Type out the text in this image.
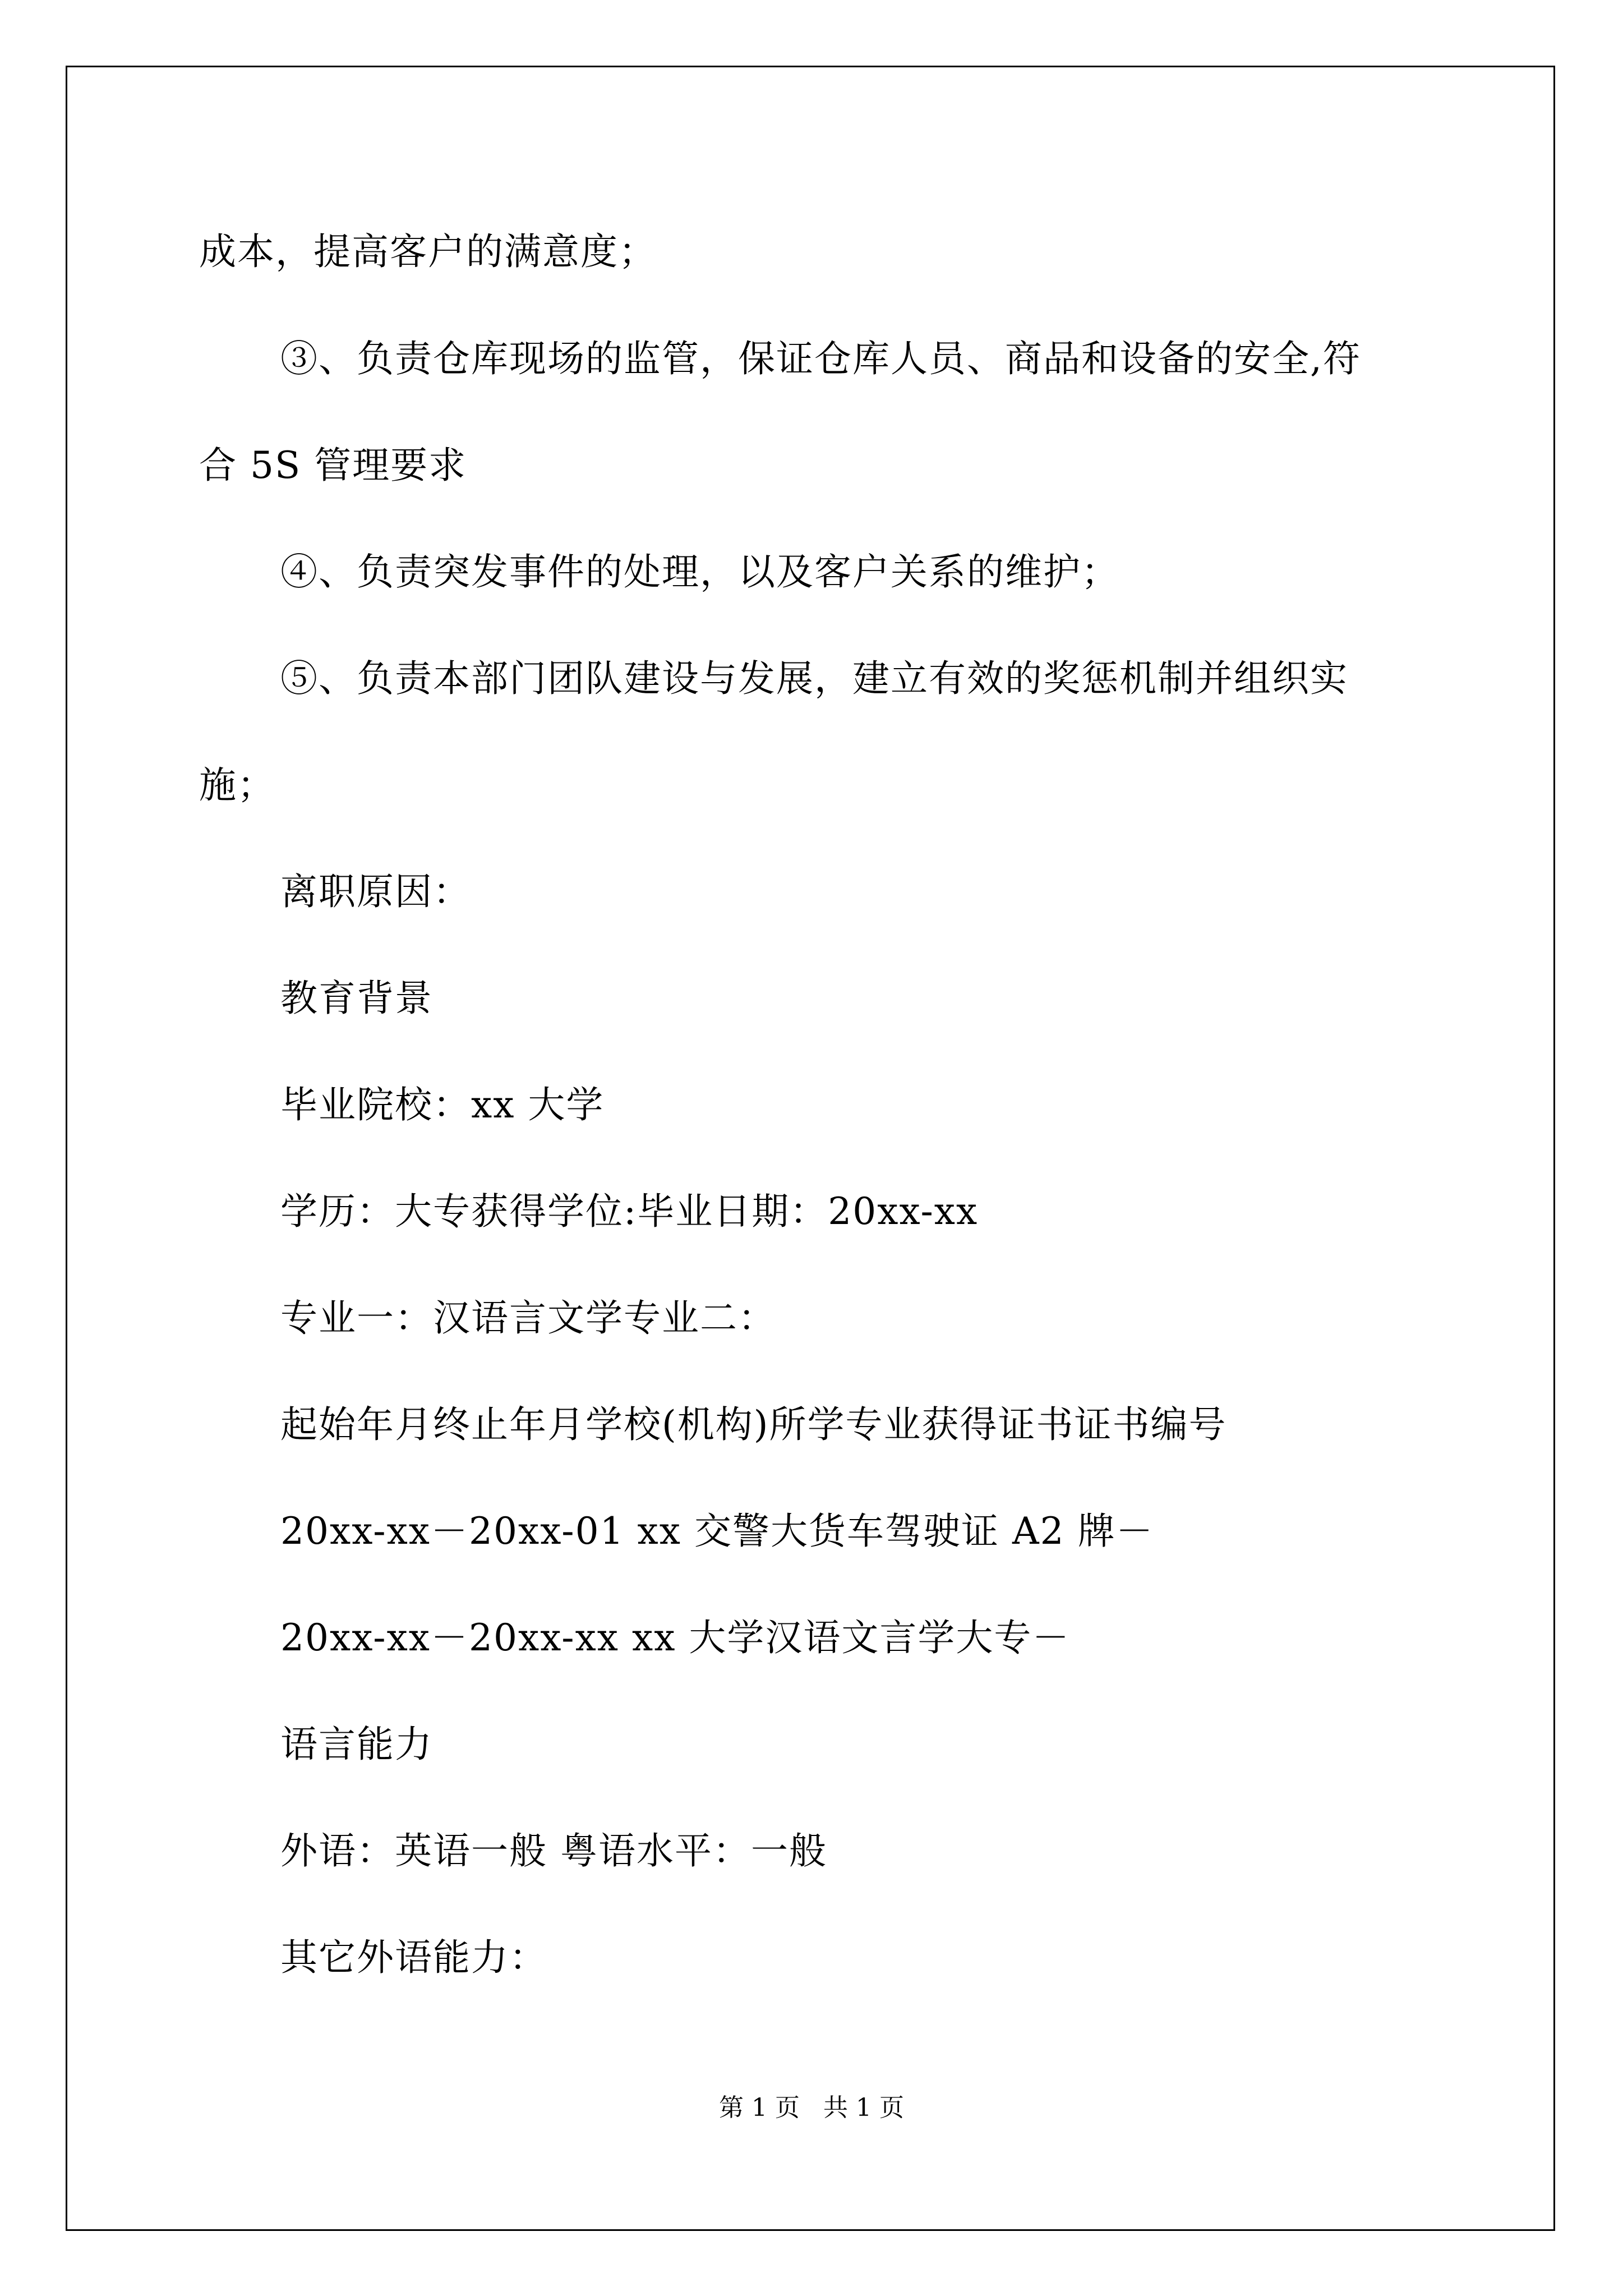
成本，提高客户的满意度；
③、负责仓库现场的监管，保证仓库人员、商品和设备的安全,符
合 5S 管理要求
④、负责突发事件的处理，以及客户关系的维护；
⑤、负责本部门团队建设与发展，建立有效的奖惩机制并组织实
施；
离职原因：
教育背景
毕业院校：xx 大学
学历：大专获得学位:毕业日期：20xx-xx
专业一：汉语言文学专业二：
起始年月终止年月学校(机构)所学专业获得证书证书编号
20xx-xx－20xx-01 xx 交警大货车驾驶证 A2 牌－
20xx-xx－20xx-xx xx 大学汉语文言学大专－
语言能力
外语：英语一般 粤语水平：一般
其它外语能力：
第 1 页   共 1 页
